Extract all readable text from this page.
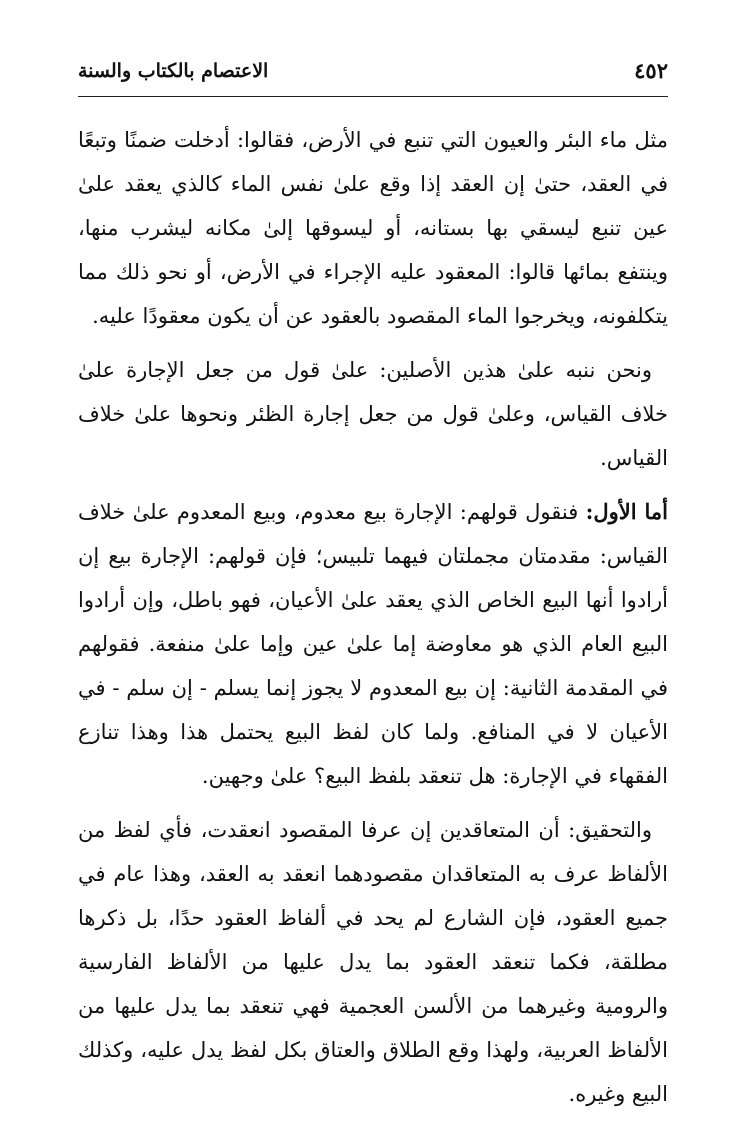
٤٥٢
الاعتصام بالكتاب والسنة

مثل ماء البئر والعيون التي تنبع في الأرض، فقالوا: أدخلت ضمنًا وتبعًا في العقد، حتىٰ إن العقد إذا وقع علىٰ نفس الماء كالذي يعقد علىٰ عين تنبع ليسقي بها بستانه، أو ليسوقها إلىٰ مكانه ليشرب منها، وينتفع بمائها قالوا: المعقود عليه الإجراء في الأرض، أو نحو ذلك مما يتكلفونه، ويخرجوا الماء المقصود بالعقود عن أن يكون معقودًا عليه.

ونحن ننبه علىٰ هذين الأصلين: علىٰ قول من جعل الإجارة علىٰ خلاف القياس، وعلىٰ قول من جعل إجارة الظئر ونحوها علىٰ خلاف القياس.

أما الأول: فنقول قولهم: الإجارة بيع معدوم، وبيع المعدوم علىٰ خلاف القياس: مقدمتان مجملتان فيهما تلبيس؛ فإن قولهم: الإجارة بيع إن أرادوا أنها البيع الخاص الذي يعقد علىٰ الأعيان، فهو باطل، وإن أرادوا البيع العام الذي هو معاوضة إما علىٰ عين وإما علىٰ منفعة. فقولهم في المقدمة الثانية: إن بيع المعدوم لا يجوز إنما يسلم - إن سلم - في الأعيان لا في المنافع. ولما كان لفظ البيع يحتمل هذا وهذا تنازع الفقهاء في الإجارة: هل تنعقد بلفظ البيع؟ علىٰ وجهين.

والتحقيق: أن المتعاقدين إن عرفا المقصود انعقدت، فأي لفظ من الألفاظ عرف به المتعاقدان مقصودهما انعقد به العقد، وهذا عام في جميع العقود، فإن الشارع لم يحد في ألفاظ العقود حدًا، بل ذكرها مطلقة، فكما تنعقد العقود بما يدل عليها من الألفاظ الفارسية والرومية وغيرهما من الألسن العجمية فهي تنعقد بما يدل عليها من الألفاظ العربية، ولهذا وقع الطلاق والعتاق بكل لفظ يدل عليه، وكذلك البيع وغيره.
